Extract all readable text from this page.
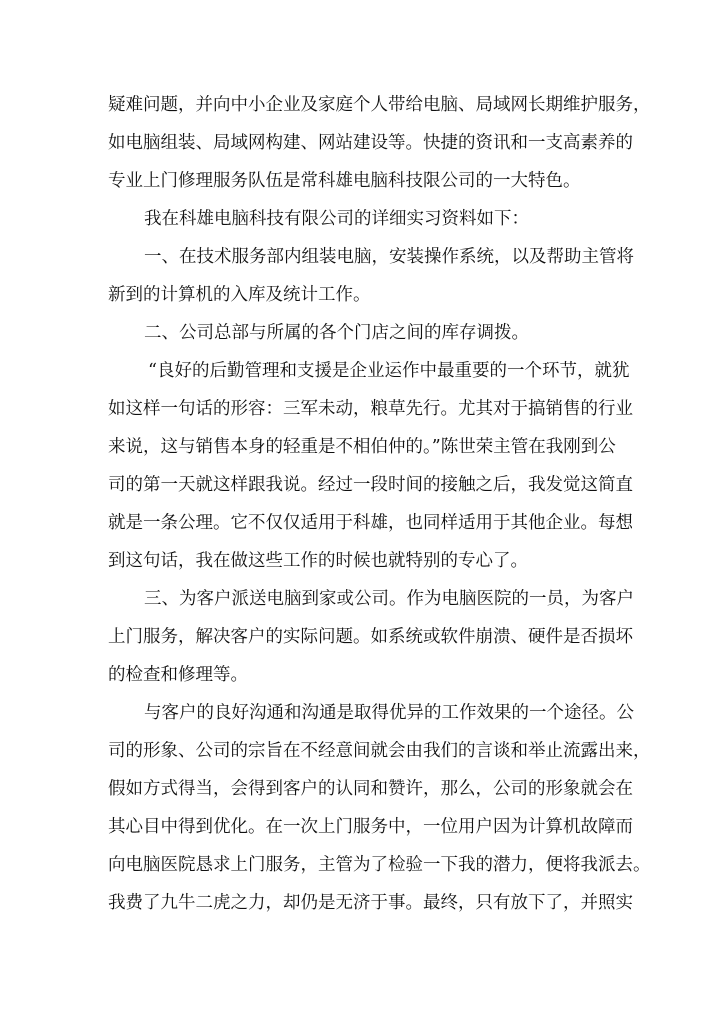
疑难问题，并向中小企业及家庭个人带给电脑、局域网长期维护服务，
如电脑组装、局域网构建、网站建设等。快捷的资讯和一支高素养的
专业上门修理服务队伍是常科雄电脑科技限公司的一大特色。
我在科雄电脑科技有限公司的详细实习资料如下：
一、在技术服务部内组装电脑，安装操作系统，以及帮助主管将
新到的计算机的入库及统计工作。
二、公司总部与所属的各个门店之间的库存调拨。
“良好的后勤管理和支援是企业运作中最重要的一个环节，就犹
如这样一句话的形容：三军未动，粮草先行。尤其对于搞销售的行业
来说，这与销售本身的轻重是不相伯仲的。”陈世荣主管在我刚到公
司的第一天就这样跟我说。经过一段时间的接触之后，我发觉这简直
就是一条公理。它不仅仅适用于科雄，也同样适用于其他企业。每想
到这句话，我在做这些工作的时候也就特别的专心了。
三、为客户派送电脑到家或公司。作为电脑医院的一员，为客户
上门服务，解决客户的实际问题。如系统或软件崩溃、硬件是否损坏
的检查和修理等。
与客户的良好沟通和沟通是取得优异的工作效果的一个途径。公
司的形象、公司的宗旨在不经意间就会由我们的言谈和举止流露出来，
假如方式得当，会得到客户的认同和赞许，那么，公司的形象就会在
其心目中得到优化。在一次上门服务中，一位用户因为计算机故障而
向电脑医院恳求上门服务，主管为了检验一下我的潜力，便将我派去。
我费了九牛二虎之力，却仍是无济于事。最终，只有放下了，并照实
